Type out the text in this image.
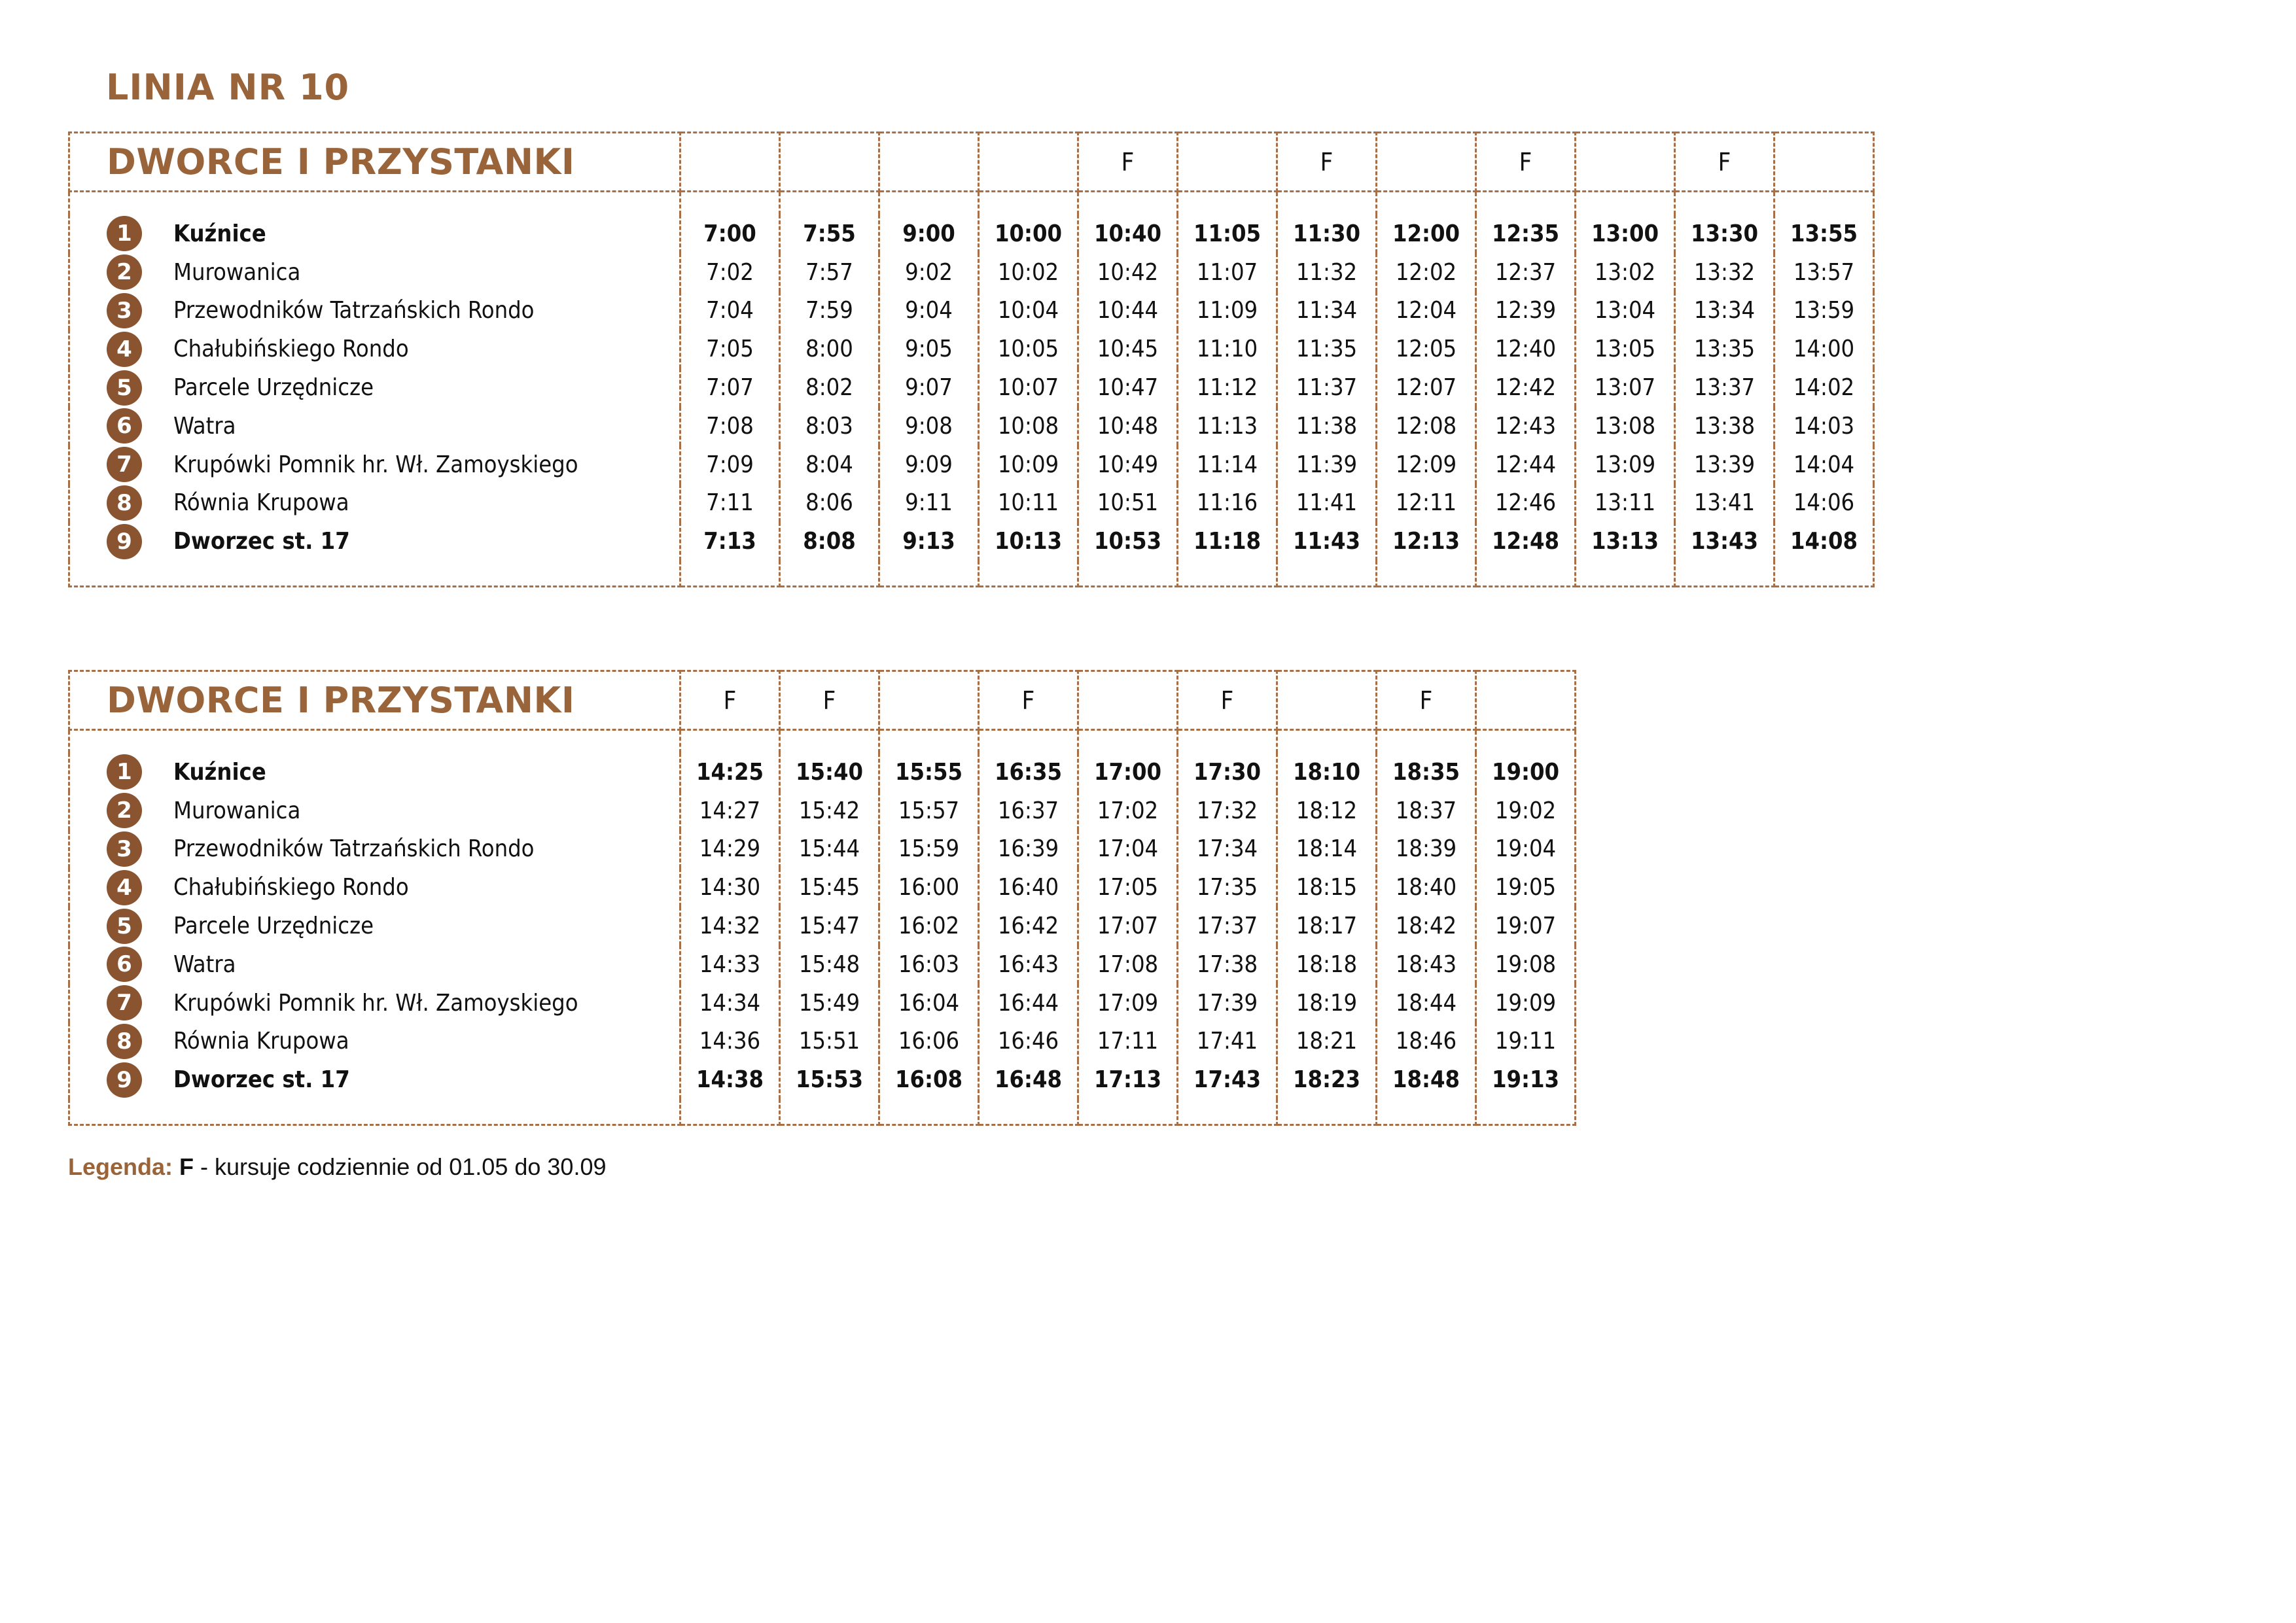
LINIA NR 10
DWORCE I PRZYSTANKI					F		F		F		F	

1 Kuźnice	7:00	7:55	9:00	10:00	10:40	11:05	11:30	12:00	12:35	13:00	13:30	13:55
2 Murowanica	7:02	7:57	9:02	10:02	10:42	11:07	11:32	12:02	12:37	13:02	13:32	13:57
3 Przewodników Tatrzańskich Rondo	7:04	7:59	9:04	10:04	10:44	11:09	11:34	12:04	12:39	13:04	13:34	13:59
4 Chałubińskiego Rondo	7:05	8:00	9:05	10:05	10:45	11:10	11:35	12:05	12:40	13:05	13:35	14:00
5 Parcele Urzędnicze	7:07	8:02	9:07	10:07	10:47	11:12	11:37	12:07	12:42	13:07	13:37	14:02
6 Watra	7:08	8:03	9:08	10:08	10:48	11:13	11:38	12:08	12:43	13:08	13:38	14:03
7 Krupówki Pomnik hr. Wł. Zamoyskiego	7:09	8:04	9:09	10:09	10:49	11:14	11:39	12:09	12:44	13:09	13:39	14:04
8 Równia Krupowa	7:11	8:06	9:11	10:11	10:51	11:16	11:41	12:11	12:46	13:11	13:41	14:06
9 Dworzec st. 17	7:13	8:08	9:13	10:13	10:53	11:18	11:43	12:13	12:48	13:13	13:43	14:08

DWORCE I PRZYSTANKI	F	F		F		F		F	

1 Kuźnice	14:25	15:40	15:55	16:35	17:00	17:30	18:10	18:35	19:00
2 Murowanica	14:27	15:42	15:57	16:37	17:02	17:32	18:12	18:37	19:02
3 Przewodników Tatrzańskich Rondo	14:29	15:44	15:59	16:39	17:04	17:34	18:14	18:39	19:04
4 Chałubińskiego Rondo	14:30	15:45	16:00	16:40	17:05	17:35	18:15	18:40	19:05
5 Parcele Urzędnicze	14:32	15:47	16:02	16:42	17:07	17:37	18:17	18:42	19:07
6 Watra	14:33	15:48	16:03	16:43	17:08	17:38	18:18	18:43	19:08
7 Krupówki Pomnik hr. Wł. Zamoyskiego	14:34	15:49	16:04	16:44	17:09	17:39	18:19	18:44	19:09
8 Równia Krupowa	14:36	15:51	16:06	16:46	17:11	17:41	18:21	18:46	19:11
9 Dworzec st. 17	14:38	15:53	16:08	16:48	17:13	17:43	18:23	18:48	19:13

Legenda: F - kursuje codziennie od 01.05 do 30.09
